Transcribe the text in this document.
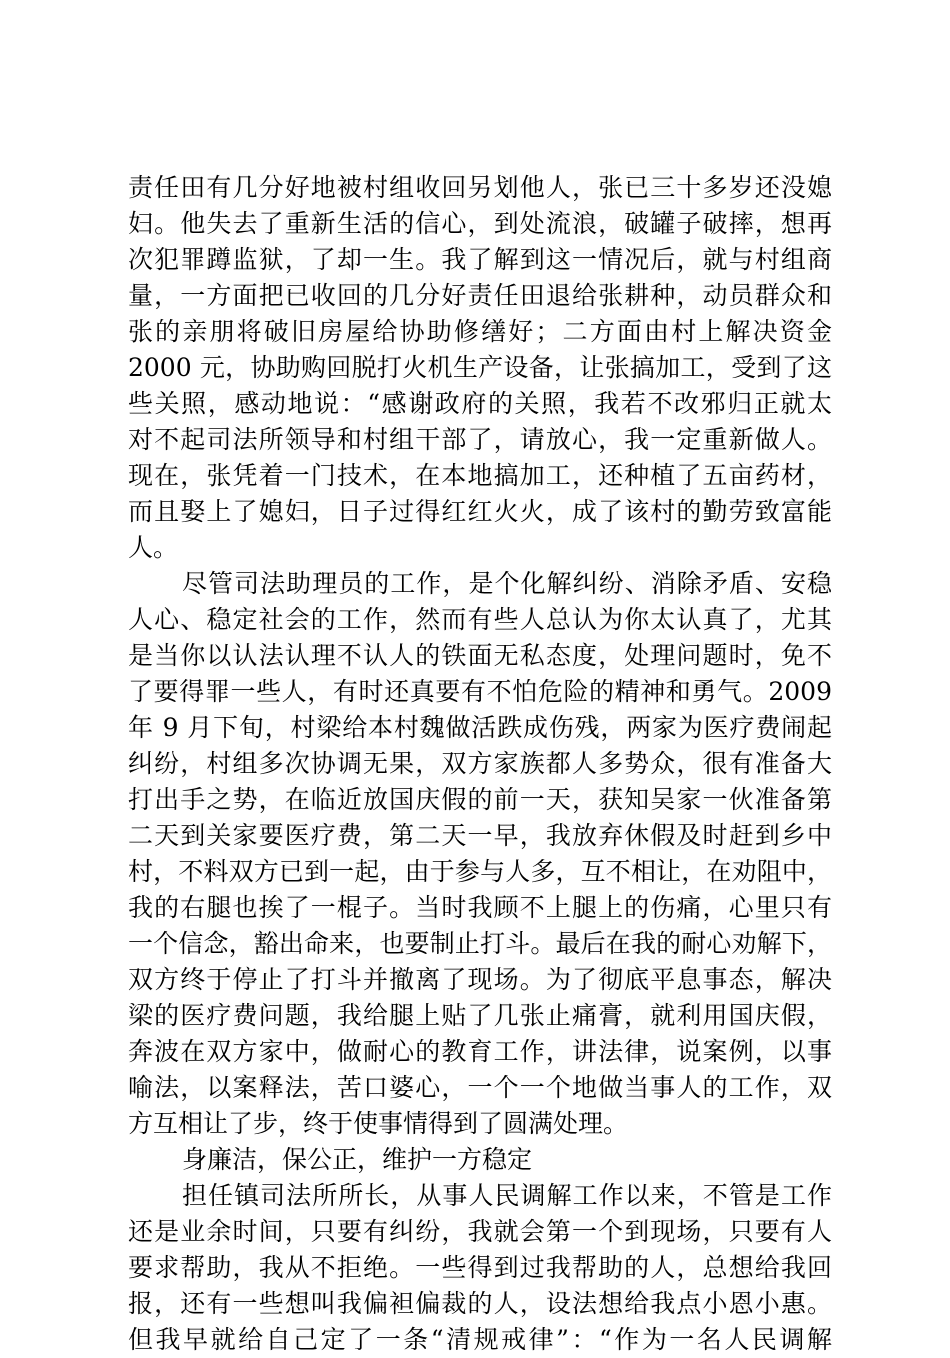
责任田有几分好地被村组收回另划他人，张已三十多岁还没媳
妇。他失去了重新生活的信心，到处流浪，破罐子破摔，想再
次犯罪蹲监狱，了却一生。我了解到这一情况后，就与村组商
量，一方面把已收回的几分好责任田退给张耕种，动员群众和
张的亲朋将破旧房屋给协助修缮好；二方面由村上解决资金
2000 元，协助购回脱打火机生产设备，让张搞加工，受到了这
些关照，感动地说：“感谢政府的关照，我若不改邪归正就太
对不起司法所领导和村组干部了，请放心，我一定重新做人。
现在，张凭着一门技术，在本地搞加工，还种植了五亩药材，
而且娶上了媳妇，日子过得红红火火，成了该村的勤劳致富能
人。
尽管司法助理员的工作，是个化解纠纷、消除矛盾、安稳
人心、稳定社会的工作，然而有些人总认为你太认真了，尤其
是当你以认法认理不认人的铁面无私态度，处理问题时，免不
了要得罪一些人，有时还真要有不怕危险的精神和勇气。2009
年 9 月下旬，村梁给本村魏做活跌成伤残，两家为医疗费闹起
纠纷，村组多次协调无果，双方家族都人多势众，很有准备大
打出手之势，在临近放国庆假的前一天，获知吴家一伙准备第
二天到关家要医疗费，第二天一早，我放弃休假及时赶到乡中
村，不料双方已到一起，由于参与人多，互不相让，在劝阻中，
我的右腿也挨了一棍子。当时我顾不上腿上的伤痛，心里只有
一个信念，豁出命来，也要制止打斗。最后在我的耐心劝解下，
双方终于停止了打斗并撤离了现场。为了彻底平息事态，解决
梁的医疗费问题，我给腿上贴了几张止痛膏，就利用国庆假，
奔波在双方家中，做耐心的教育工作，讲法律，说案例，以事
喻法，以案释法，苦口婆心，一个一个地做当事人的工作，双
方互相让了步，终于使事情得到了圆满处理。
身廉洁，保公正，维护一方稳定
担任镇司法所所长，从事人民调解工作以来，不管是工作
还是业余时间，只要有纠纷，我就会第一个到现场，只要有人
要求帮助，我从不拒绝。一些得到过我帮助的人，总想给我回
报，还有一些想叫我偏袒偏裁的人，设法想给我点小恩小惠。
但我早就给自己定了一条“清规戒律”：“作为一名人民调解
